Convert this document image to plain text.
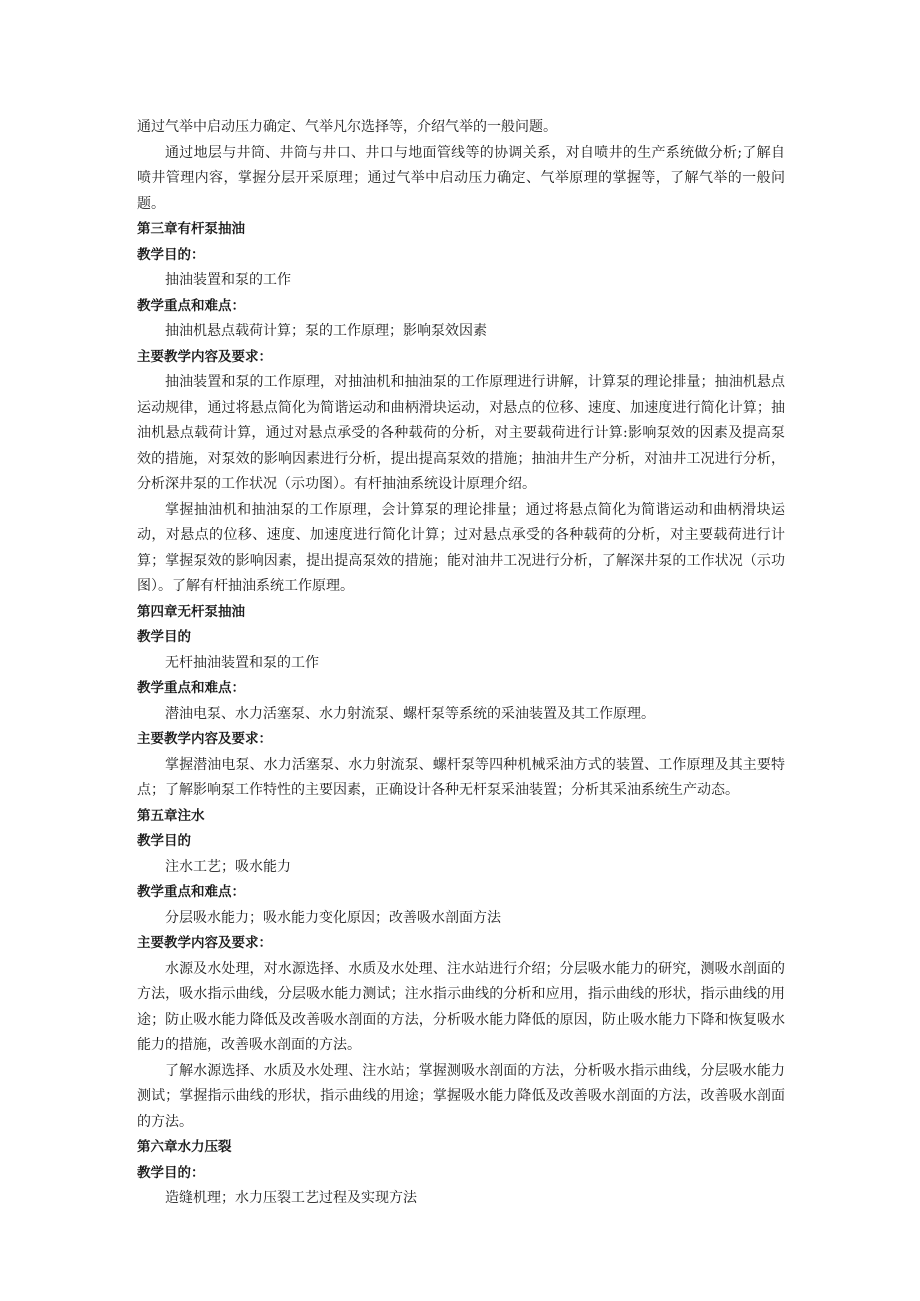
通过气举中启动压力确定、气举凡尔选择等，介绍气举的一般问题。

通过地层与井筒、井筒与井口、井口与地面管线等的协调关系，对自喷井的生产系统做分析;了解自喷井管理内容，掌握分层开采原理；通过气举中启动压力确定、气举原理的掌握等，了解气举的一般问题。

第三章有杆泵抽油

教学目的：

抽油装置和泵的工作

教学重点和难点：

抽油机悬点载荷计算；泵的工作原理；影响泵效因素

主要教学内容及要求：

抽油装置和泵的工作原理，对抽油机和抽油泵的工作原理进行讲解，计算泵的理论排量；抽油机悬点运动规律，通过将悬点简化为简谐运动和曲柄滑块运动，对悬点的位移、速度、加速度进行简化计算；抽油机悬点载荷计算，通过对悬点承受的各种载荷的分析，对主要载荷进行计算:影响泵效的因素及提高泵效的措施，对泵效的影响因素进行分析，提出提高泵效的措施；抽油井生产分析，对油井工况进行分析，分析深井泵的工作状况（示功图）。有杆抽油系统设计原理介绍。

掌握抽油机和抽油泵的工作原理，会计算泵的理论排量；通过将悬点简化为简谐运动和曲柄滑块运动，对悬点的位移、速度、加速度进行简化计算；过对悬点承受的各种载荷的分析，对主要载荷进行计算；掌握泵效的影响因素，提出提高泵效的措施；能对油井工况进行分析，了解深井泵的工作状况（示功图）。了解有杆抽油系统工作原理。

第四章无杆泵抽油

教学目的

无杆抽油装置和泵的工作

教学重点和难点：

潜油电泵、水力活塞泵、水力射流泵、螺杆泵等系统的采油装置及其工作原理。

主要教学内容及要求：

掌握潜油电泵、水力活塞泵、水力射流泵、螺杆泵等四种机械采油方式的装置、工作原理及其主要特点；了解影响泵工作特性的主要因素，正确设计各种无杆泵采油装置；分析其采油系统生产动态。

第五章注水

教学目的

注水工艺；吸水能力

教学重点和难点：

分层吸水能力；吸水能力变化原因；改善吸水剖面方法

主要教学内容及要求：

水源及水处理，对水源选择、水质及水处理、注水站进行介绍；分层吸水能力的研究，测吸水剖面的方法，吸水指示曲线，分层吸水能力测试；注水指示曲线的分析和应用，指示曲线的形状，指示曲线的用途；防止吸水能力降低及改善吸水剖面的方法，分析吸水能力降低的原因，防止吸水能力下降和恢复吸水能力的措施，改善吸水剖面的方法。

了解水源选择、水质及水处理、注水站；掌握测吸水剖面的方法，分析吸水指示曲线，分层吸水能力测试；掌握指示曲线的形状，指示曲线的用途；掌握吸水能力降低及改善吸水剖面的方法，改善吸水剖面的方法。

第六章水力压裂

教学目的：

造缝机理；水力压裂工艺过程及实现方法
